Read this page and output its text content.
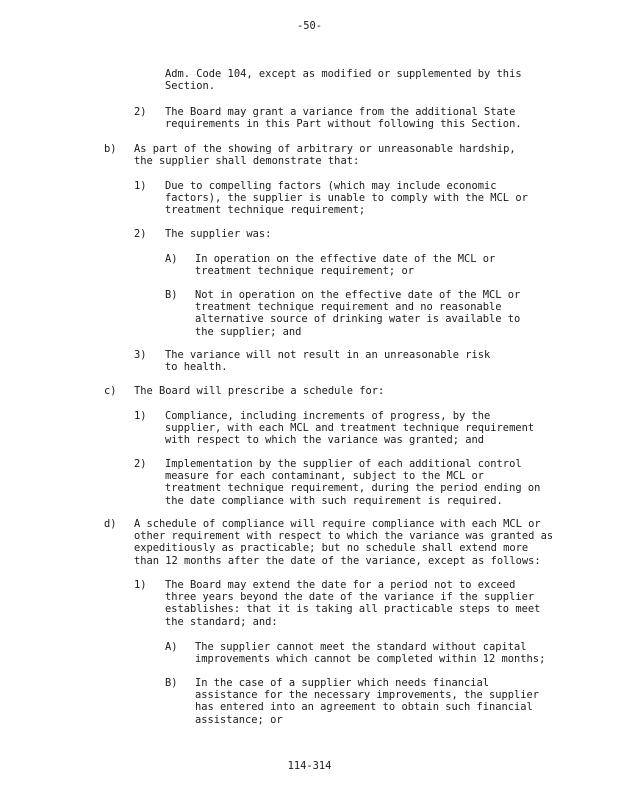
-50-
Adm. Code 104, except as modified or supplemented by this Section.
2) The Board may grant a variance from the additional State requirements in this Part without following this Section.
b) As part of the showing of arbitrary or unreasonable hardship, the supplier shall demonstrate that:
1) Due to compelling factors (which may include economic factors), the supplier is unable to comply with the MCL or treatment technique requirement;
2) The supplier was:
A) In operation on the effective date of the MCL or treatment technique requirement; or
B) Not in operation on the effective date of the MCL or treatment technique requirement and no reasonable alternative source of drinking water is available to the supplier; and
3) The variance will not result in an unreasonable risk to health.
c) The Board will prescribe a schedule for:
1) Compliance, including increments of progress, by the supplier, with each MCL and treatment technique requirement with respect to which the variance was granted; and
2) Implementation by the supplier of each additional control measure for each contaminant, subject to the MCL or treatment technique requirement, during the period ending on the date compliance with such requirement is required.
d) A schedule of compliance will require compliance with each MCL or other requirement with respect to which the variance was granted as expeditiously as practicable; but no schedule shall extend more than 12 months after the date of the variance, except as follows:
1) The Board may extend the date for a period not to exceed three years beyond the date of the variance if the supplier establishes: that it is taking all practicable steps to meet the standard; and:
A) The supplier cannot meet the standard without capital improvements which cannot be completed within 12 months;
B) In the case of a supplier which needs financial assistance for the necessary improvements, the supplier has entered into an agreement to obtain such financial assistance; or
114-314
